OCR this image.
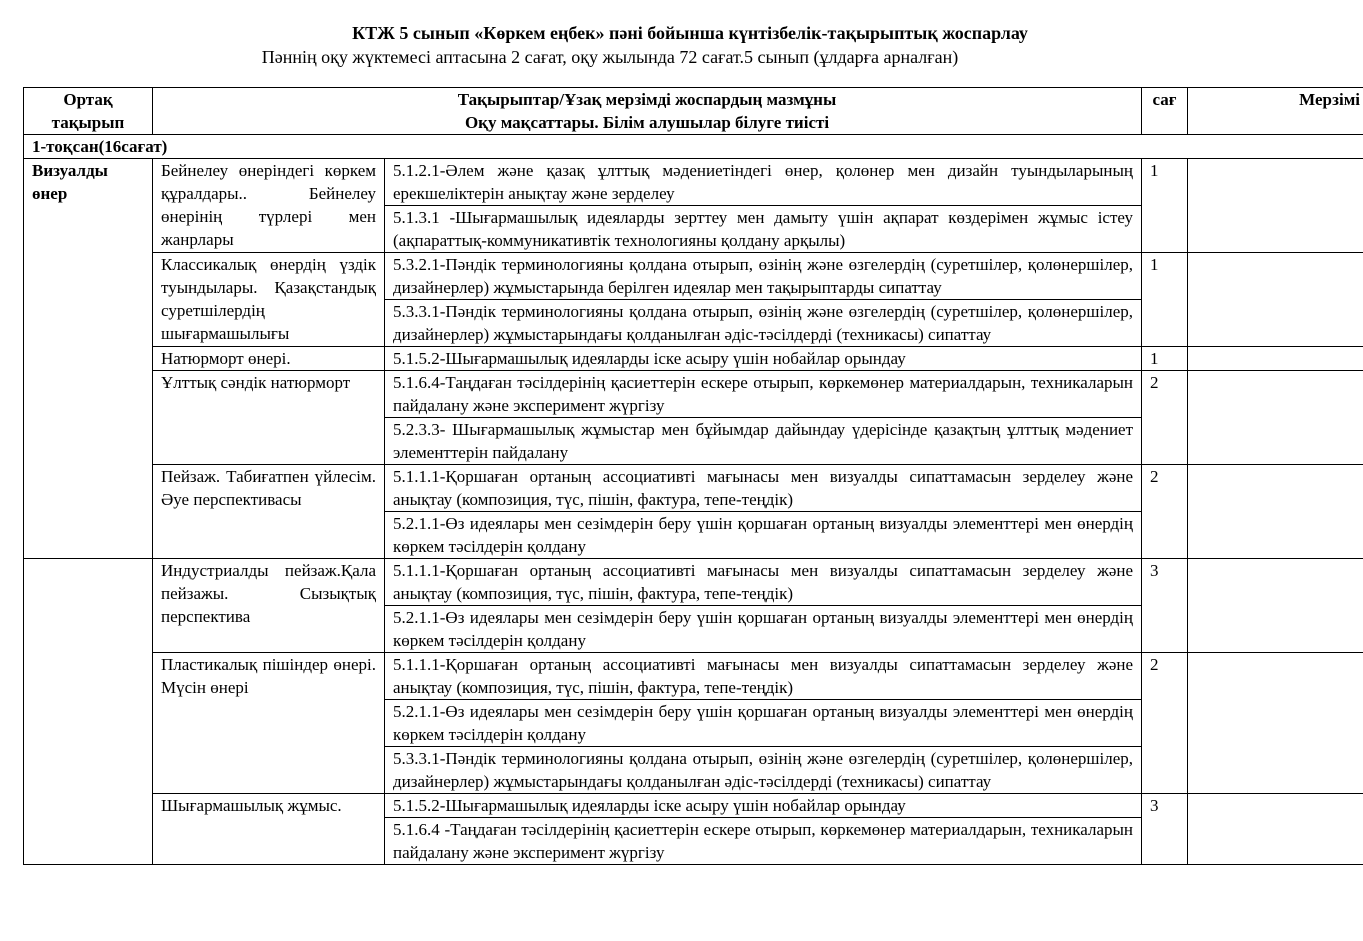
КТЖ 5 сынып «Көркем еңбек» пәні бойынша күнтізбелік-тақырыптық жоспарлау
Пәннің оқу жүктемесі аптасына 2 сағат, оқу жылында 72 сағат.5 сынып (ұлдарға арналған)
Ортақ тақырып	Тақырыптар/Ұзақ мерзімді жоспардың мазмұны
Оқу мақсаттары. Білім алушылар білуге тиісті		сағ	Мерзімі
1-тоқсан(16сағат)				
Визуалды өнер	Бейнелеу өнеріндегі көркем құралдары.. Бейнелеу өнерінің түрлері мен жанрлары	5.1.2.1-Әлем және қазақ ұлттық мәдениетіндегі өнер, қолөнер мен дизайн туындыларының ерекшеліктерін анықтау және зерделеу	1	
		5.1.3.1 -Шығармашылық идеяларды зерттеу мен дамыту үшін ақпарат көздерімен жұмыс істеу (ақпараттық-коммуникативтік технологияны қолдану арқылы)		
	Классикалық өнердің үздік туындылары. Қазақстандық суретшілердің шығармашылығы	5.3.2.1-Пәндік терминологияны қолдана отырып, өзінің және өзгелердің (суретшілер, қолөнершілер, дизайнерлер) жұмыстарында берілген идеялар мен тақырыптарды сипаттау	1	
		5.3.3.1-Пәндік терминологияны қолдана отырып, өзінің және өзгелердің (суретшілер, қолөнершілер, дизайнерлер) жұмыстарындағы қолданылған әдіс-тәсілдерді (техникасы) сипаттау		
	Натюрморт өнері.	5.1.5.2-Шығармашылық идеяларды іске асыру үшін нобайлар орындау	1	
	Ұлттық сәндік натюрморт	5.1.6.4-Таңдаған тәсілдерінің қасиеттерін ескере отырып, көркемөнер материалдарын, техникаларын пайдалану және эксперимент жүргізу	2	
		5.2.3.3- Шығармашылық жұмыстар мен бұйымдар дайындау үдерісінде қазақтың ұлттық мәдениет элементтерін пайдалану		
	Пейзаж. Табиғатпен үйлесім. Әуе перспективасы	5.1.1.1-Қоршаған ортаның ассоциативті мағынасы мен визуалды сипаттамасын зерделеу және анықтау (композиция, түс, пішін, фактура, тепе-теңдік)	2	
		5.2.1.1-Өз идеялары мен сезімдерін беру үшін қоршаған ортаның визуалды элементтері мен өнердің көркем тәсілдерін қолдану		
	Индустриалды пейзаж.Қала пейзажы. Сызықтық перспектива	5.1.1.1-Қоршаған ортаның ассоциативті мағынасы мен визуалды сипаттамасын зерделеу және анықтау (композиция, түс, пішін, фактура, тепе-теңдік)	3	
		5.2.1.1-Өз идеялары мен сезімдерін беру үшін қоршаған ортаның визуалды элементтері мен өнердің көркем тәсілдерін қолдану		
	Пластикалық пішіндер өнері. Мүсін өнері	5.1.1.1-Қоршаған ортаның ассоциативті мағынасы мен визуалды сипаттамасын зерделеу және анықтау (композиция, түс, пішін, фактура, тепе-теңдік)	2	
		5.2.1.1-Өз идеялары мен сезімдерін беру үшін қоршаған ортаның визуалды элементтері мен өнердің көркем тәсілдерін қолдану		
		5.3.3.1-Пәндік терминологияны қолдана отырып, өзінің және өзгелердің (суретшілер, қолөнершілер, дизайнерлер) жұмыстарындағы қолданылған әдіс-тәсілдерді (техникасы) сипаттау		
	Шығармашылық жұмыс.	5.1.5.2-Шығармашылық идеяларды іске асыру үшін нобайлар орындау	3	
		5.1.6.4 -Таңдаған тәсілдерінің қасиеттерін ескере отырып, көркемөнер материалдарын, техникаларын пайдалану және эксперимент жүргізу		
